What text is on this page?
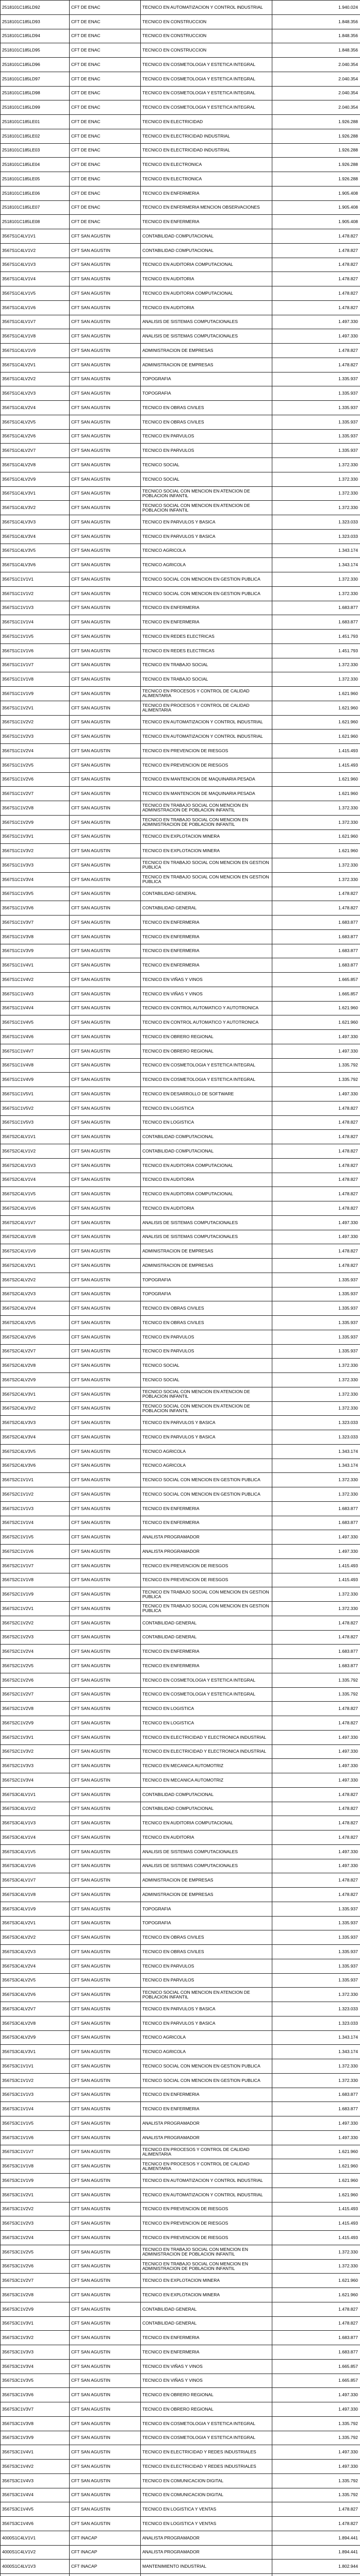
2518101C185LD92	CFT DE ENAC	TECNICO EN AUTOMATIZACION Y CONTROL INDUSTRIAL	1.940.024
2518101C185LD93	CFT DE ENAC	TECNICO EN CONSTRUCCION	1.848.356
2518101C185LD94	CFT DE ENAC	TECNICO EN CONSTRUCCION	1.848.356
2518101C185LD95	CFT DE ENAC	TECNICO EN CONSTRUCCION	1.848.356
2518101C185LD96	CFT DE ENAC	TECNICO EN COSMETOLOGIA Y ESTETICA INTEGRAL	2.040.354
2518101C185LD97	CFT DE ENAC	TECNICO EN COSMETOLOGIA Y ESTETICA INTEGRAL	2.040.354
2518101C185LD98	CFT DE ENAC	TECNICO EN COSMETOLOGIA Y ESTETICA INTEGRAL	2.040.354
2518101C185LD99	CFT DE ENAC	TECNICO EN COSMETOLOGIA Y ESTETICA INTEGRAL	2.040.354
2518101C185LE01	CFT DE ENAC	TECNICO EN ELECTRICIDAD	1.926.288
2518101C185LE02	CFT DE ENAC	TECNICO EN ELECTRICIDAD INDUSTRIAL	1.926.288
2518101C185LE03	CFT DE ENAC	TECNICO EN ELECTRICIDAD INDUSTRIAL	1.926.288
2518101C185LE04	CFT DE ENAC	TECNICO EN ELECTRONICA	1.926.288
2518101C185LE05	CFT DE ENAC	TECNICO EN ELECTRONICA	1.926.288
2518101C185LE06	CFT DE ENAC	TECNICO EN ENFERMERIA	1.905.408
2518101C185LE07	CFT DE ENAC	TECNICO EN ENFERMERIA MENCION OBSERVACIONES	1.905.408
2518101C185LE08	CFT DE ENAC	TECNICO EN ENFERMERIA	1.905.408
3567S1C4LV1V1	CFT SAN AGUSTIN	CONTABILIDAD COMPUTACIONAL	1.478.827
3567S1C4LV1V2	CFT SAN AGUSTIN	CONTABILIDAD COMPUTACIONAL	1.478.827
3567S1C4LV1V3	CFT SAN AGUSTIN	TECNICO EN AUDITORIA COMPUTACIONAL	1.478.827
3567S1C4LV1V4	CFT SAN AGUSTIN	TECNICO EN AUDITORIA	1.478.827
3567S1C4LV1V5	CFT SAN AGUSTIN	TECNICO EN AUDITORIA COMPUTACIONAL	1.478.827
3567S1C4LV1V6	CFT SAN AGUSTIN	TECNICO EN AUDITORIA	1.478.827
3567S1C4LV1V7	CFT SAN AGUSTIN	ANALISIS DE SISTEMAS COMPUTACIONALES	1.497.330
3567S1C4LV1V8	CFT SAN AGUSTIN	ANALISIS DE SISTEMAS COMPUTACIONALES	1.497.330
3567S1C4LV1V9	CFT SAN AGUSTIN	ADMINISTRACION DE EMPRESAS	1.478.827
3567S1C4LV2V1	CFT SAN AGUSTIN	ADMINISTRACION DE EMPRESAS	1.478.827
3567S1C4LV2V2	CFT SAN AGUSTIN	TOPOGRAFIA	1.335.937
3567S1C4LV2V3	CFT SAN AGUSTIN	TOPOGRAFIA	1.335.937
3567S1C4LV2V4	CFT SAN AGUSTIN	TECNICO EN OBRAS CIVILES	1.335.937
3567S1C4LV2V5	CFT SAN AGUSTIN	TECNICO EN OBRAS CIVILES	1.335.937
3567S1C4LV2V6	CFT SAN AGUSTIN	TECNICO EN PARVULOS	1.335.937
3567S1C4LV2V7	CFT SAN AGUSTIN	TECNICO EN PARVULOS	1.335.937
3567S1C4LV2V8	CFT SAN AGUSTIN	TECNICO SOCIAL	1.372.330
3567S1C4LV2V9	CFT SAN AGUSTIN	TECNICO SOCIAL	1.372.330
3567S1C4LV3V1	CFT SAN AGUSTIN	TECNICO SOCIAL CON MENCION EN ATENCION DE POBLACION INFANTIL	1.372.330
3567S1C4LV3V2	CFT SAN AGUSTIN	TECNICO SOCIAL CON MENCION EN ATENCION DE POBLACION INFANTIL	1.372.330
3567S1C4LV3V3	CFT SAN AGUSTIN	TECNICO EN PARVULOS Y BASICA	1.323.033
3567S1C4LV3V4	CFT SAN AGUSTIN	TECNICO EN PARVULOS Y BASICA	1.323.033
3567S1C4LV3V5	CFT SAN AGUSTIN	TECNICO AGRICOLA	1.343.174
3567S1C4LV3V6	CFT SAN AGUSTIN	TECNICO AGRICOLA	1.343.174
3567S1C1V1V1	CFT SAN AGUSTIN	TECNICO SOCIAL CON MENCION EN GESTION PUBLICA	1.372.330
3567S1C1V1V2	CFT SAN AGUSTIN	TECNICO SOCIAL CON MENCION EN GESTION PUBLICA	1.372.330
3567S1C1V1V3	CFT SAN AGUSTIN	TECNICO EN ENFERMERIA	1.683.877
3567S1C1V1V4	CFT SAN AGUSTIN	TECNICO EN ENFERMERIA	1.683.877
3567S1C1V1V5	CFT SAN AGUSTIN	TECNICO EN REDES ELECTRICAS	1.451.793
3567S1C1V1V6	CFT SAN AGUSTIN	TECNICO EN REDES ELECTRICAS	1.451.793
3567S1C1V1V7	CFT SAN AGUSTIN	TECNICO EN TRABAJO SOCIAL	1.372.330
3567S1C1V1V8	CFT SAN AGUSTIN	TECNICO EN TRABAJO SOCIAL	1.372.330
3567S1C1V1V9	CFT SAN AGUSTIN	TECNICO EN PROCESOS Y CONTROL DE CALIDAD ALIMENTARIA	1.621.960
3567S1C1V2V1	CFT SAN AGUSTIN	TECNICO EN PROCESOS Y CONTROL DE CALIDAD ALIMENTARIA	1.621.960
3567S1C1V2V2	CFT SAN AGUSTIN	TECNICO EN AUTOMATIZACION Y CONTROL INDUSTRIAL	1.621.960
3567S1C1V2V3	CFT SAN AGUSTIN	TECNICO EN AUTOMATIZACION Y CONTROL INDUSTRIAL	1.621.960
3567S1C1V2V4	CFT SAN AGUSTIN	TECNICO EN PREVENCION DE RIESGOS	1.415.493
3567S1C1V2V5	CFT SAN AGUSTIN	TECNICO EN PREVENCION DE RIESGOS	1.415.493
3567S1C1V2V6	CFT SAN AGUSTIN	TECNICO EN MANTENCION DE MAQUINARIA PESADA	1.621.960
3567S1C1V2V7	CFT SAN AGUSTIN	TECNICO EN MANTENCION DE MAQUINARIA PESADA	1.621.960
3567S1C1V2V8	CFT SAN AGUSTIN	TECNICO EN TRABAJO SOCIAL CON MENCION EN ADMINISTRACION DE POBLACION INFANTIL	1.372.330
3567S1C1V2V9	CFT SAN AGUSTIN	TECNICO EN TRABAJO SOCIAL CON MENCION EN ADMINISTRACION DE POBLACION INFANTIL	1.372.330
3567S1C1V3V1	CFT SAN AGUSTIN	TECNICO EN EXPLOTACION MINERA	1.621.960
3567S1C1V3V2	CFT SAN AGUSTIN	TECNICO EN EXPLOTACION MINERA	1.621.960
3567S1C1V3V3	CFT SAN AGUSTIN	TECNICO EN TRABAJO SOCIAL CON MENCION EN GESTION PUBLICA	1.372.330
3567S1C1V3V4	CFT SAN AGUSTIN	TECNICO EN TRABAJO SOCIAL CON MENCION EN GESTION PUBLICA	1.372.330
3567S1C1V3V5	CFT SAN AGUSTIN	CONTABILIDAD GENERAL	1.478.827
3567S1C1V3V6	CFT SAN AGUSTIN	CONTABILIDAD GENERAL	1.478.827
3567S1C1V3V7	CFT SAN AGUSTIN	TECNICO EN ENFERMERIA	1.683.877
3567S1C1V3V8	CFT SAN AGUSTIN	TECNICO EN ENFERMERIA	1.683.877
3567S1C1V3V9	CFT SAN AGUSTIN	TECNICO EN ENFERMERIA	1.683.877
3567S1C1V4V1	CFT SAN AGUSTIN	TECNICO EN ENFERMERIA	1.683.877
3567S1C1V4V2	CFT SAN AGUSTIN	TECNICO EN VIÑAS Y VINOS	1.665.857
3567S1C1V4V3	CFT SAN AGUSTIN	TECNICO EN VIÑAS Y VINOS	1.665.857
3567S1C1V4V4	CFT SAN AGUSTIN	TECNICO EN CONTROL AUTOMATICO Y AUTOTRONICA	1.621.960
3567S1C1V4V5	CFT SAN AGUSTIN	TECNICO EN CONTROL AUTOMATICO Y AUTOTRONICA	1.621.960
3567S1C1V4V6	CFT SAN AGUSTIN	TECNICO EN OBRERO REGIONAL	1.497.330
3567S1C1V4V7	CFT SAN AGUSTIN	TECNICO EN OBRERO REGIONAL	1.497.330
3567S1C1V4V8	CFT SAN AGUSTIN	TECNICO EN COSMETOLOGIA Y ESTETICA INTEGRAL	1.335.792
3567S1C1V4V9	CFT SAN AGUSTIN	TECNICO EN COSMETOLOGIA Y ESTETICA INTEGRAL	1.335.792
3567S1C1V5V1	CFT SAN AGUSTIN	TECNICO EN DESARROLLO DE SOFTWARE	1.497.330
3567S1C1V5V2	CFT SAN AGUSTIN	TECNICO EN LOGISTICA	1.478.827
3567S1C1V5V3	CFT SAN AGUSTIN	TECNICO EN LOGISTICA	1.478.827
3567S2C4LV1V1	CFT SAN AGUSTIN	CONTABILIDAD COMPUTACIONAL	1.478.827
3567S2C4LV1V2	CFT SAN AGUSTIN	CONTABILIDAD COMPUTACIONAL	1.478.827
3567S2C4LV1V3	CFT SAN AGUSTIN	TECNICO EN AUDITORIA COMPUTACIONAL	1.478.827
3567S2C4LV1V4	CFT SAN AGUSTIN	TECNICO EN AUDITORIA	1.478.827
3567S2C4LV1V5	CFT SAN AGUSTIN	TECNICO EN AUDITORIA COMPUTACIONAL	1.478.827
3567S2C4LV1V6	CFT SAN AGUSTIN	TECNICO EN AUDITORIA	1.478.827
3567S2C4LV1V7	CFT SAN AGUSTIN	ANALISIS DE SISTEMAS COMPUTACIONALES	1.497.330
3567S2C4LV1V8	CFT SAN AGUSTIN	ANALISIS DE SISTEMAS COMPUTACIONALES	1.497.330
3567S2C4LV1V9	CFT SAN AGUSTIN	ADMINISTRACION DE EMPRESAS	1.478.827
3567S2C4LV2V1	CFT SAN AGUSTIN	ADMINISTRACION DE EMPRESAS	1.478.827
3567S2C4LV2V2	CFT SAN AGUSTIN	TOPOGRAFIA	1.335.937
3567S2C4LV2V3	CFT SAN AGUSTIN	TOPOGRAFIA	1.335.937
3567S2C4LV2V4	CFT SAN AGUSTIN	TECNICO EN OBRAS CIVILES	1.335.937
3567S2C4LV2V5	CFT SAN AGUSTIN	TECNICO EN OBRAS CIVILES	1.335.937
3567S2C4LV2V6	CFT SAN AGUSTIN	TECNICO EN PARVULOS	1.335.937
3567S2C4LV2V7	CFT SAN AGUSTIN	TECNICO EN PARVULOS	1.335.937
3567S2C4LV2V8	CFT SAN AGUSTIN	TECNICO SOCIAL	1.372.330
3567S2C4LV2V9	CFT SAN AGUSTIN	TECNICO SOCIAL	1.372.330
3567S2C4LV3V1	CFT SAN AGUSTIN	TECNICO SOCIAL CON MENCION EN ATENCION DE POBLACION INFANTIL	1.372.330
3567S2C4LV3V2	CFT SAN AGUSTIN	TECNICO SOCIAL CON MENCION EN ATENCION DE POBLACION INFANTIL	1.372.330
3567S2C4LV3V3	CFT SAN AGUSTIN	TECNICO EN PARVULOS Y BASICA	1.323.033
3567S2C4LV3V4	CFT SAN AGUSTIN	TECNICO EN PARVULOS Y BASICA	1.323.033
3567S2C4LV3V5	CFT SAN AGUSTIN	TECNICO AGRICOLA	1.343.174
3567S2C4LV3V6	CFT SAN AGUSTIN	TECNICO AGRICOLA	1.343.174
3567S2C1V1V1	CFT SAN AGUSTIN	TECNICO SOCIAL CON MENCION EN GESTION PUBLICA	1.372.330
3567S2C1V1V2	CFT SAN AGUSTIN	TECNICO SOCIAL CON MENCION EN GESTION PUBLICA	1.372.330
3567S2C1V1V3	CFT SAN AGUSTIN	TECNICO EN ENFERMERIA	1.683.877
3567S2C1V1V4	CFT SAN AGUSTIN	TECNICO EN ENFERMERIA	1.683.877
3567S2C1V1V5	CFT SAN AGUSTIN	ANALISTA PROGRAMADOR	1.497.330
3567S2C1V1V6	CFT SAN AGUSTIN	ANALISTA PROGRAMADOR	1.497.330
3567S2C1V1V7	CFT SAN AGUSTIN	TECNICO EN PREVENCION DE RIESGOS	1.415.493
3567S2C1V1V8	CFT SAN AGUSTIN	TECNICO EN PREVENCION DE RIESGOS	1.415.493
3567S2C1V1V9	CFT SAN AGUSTIN	TECNICO EN TRABAJO SOCIAL CON MENCION EN GESTION PUBLICA	1.372.330
3567S2C1V2V1	CFT SAN AGUSTIN	TECNICO EN TRABAJO SOCIAL CON MENCION EN GESTION PUBLICA	1.372.330
3567S2C1V2V2	CFT SAN AGUSTIN	CONTABILIDAD GENERAL	1.478.827
3567S2C1V2V3	CFT SAN AGUSTIN	CONTABILIDAD GENERAL	1.478.827
3567S2C1V2V4	CFT SAN AGUSTIN	TECNICO EN ENFERMERIA	1.683.877
3567S2C1V2V5	CFT SAN AGUSTIN	TECNICO EN ENFERMERIA	1.683.877
3567S2C1V2V6	CFT SAN AGUSTIN	TECNICO EN COSMETOLOGIA Y ESTETICA INTEGRAL	1.335.792
3567S2C1V2V7	CFT SAN AGUSTIN	TECNICO EN COSMETOLOGIA Y ESTETICA INTEGRAL	1.335.792
3567S2C1V2V8	CFT SAN AGUSTIN	TECNICO EN LOGISTICA	1.478.827
3567S2C1V2V9	CFT SAN AGUSTIN	TECNICO EN LOGISTICA	1.478.827
3567S2C1V3V1	CFT SAN AGUSTIN	TECNICO EN ELECTRICIDAD Y ELECTRONICA INDUSTRIAL	1.497.330
3567S2C1V3V2	CFT SAN AGUSTIN	TECNICO EN ELECTRICIDAD Y ELECTRONICA INDUSTRIAL	1.497.330
3567S2C1V3V3	CFT SAN AGUSTIN	TECNICO EN MECANICA AUTOMOTRIZ	1.497.330
3567S2C1V3V4	CFT SAN AGUSTIN	TECNICO EN MECANICA AUTOMOTRIZ	1.497.330
3567S3C4LV1V1	CFT SAN AGUSTIN	CONTABILIDAD COMPUTACIONAL	1.478.827
3567S3C4LV1V2	CFT SAN AGUSTIN	CONTABILIDAD COMPUTACIONAL	1.478.827
3567S3C4LV1V3	CFT SAN AGUSTIN	TECNICO EN AUDITORIA COMPUTACIONAL	1.478.827
3567S3C4LV1V4	CFT SAN AGUSTIN	TECNICO EN AUDITORIA	1.478.827
3567S3C4LV1V5	CFT SAN AGUSTIN	ANALISIS DE SISTEMAS COMPUTACIONALES	1.497.330
3567S3C4LV1V6	CFT SAN AGUSTIN	ANALISIS DE SISTEMAS COMPUTACIONALES	1.497.330
3567S3C4LV1V7	CFT SAN AGUSTIN	ADMINISTRACION DE EMPRESAS	1.478.827
3567S3C4LV1V8	CFT SAN AGUSTIN	ADMINISTRACION DE EMPRESAS	1.478.827
3567S3C4LV1V9	CFT SAN AGUSTIN	TOPOGRAFIA	1.335.937
3567S3C4LV2V1	CFT SAN AGUSTIN	TOPOGRAFIA	1.335.937
3567S3C4LV2V2	CFT SAN AGUSTIN	TECNICO EN OBRAS CIVILES	1.335.937
3567S3C4LV2V3	CFT SAN AGUSTIN	TECNICO EN OBRAS CIVILES	1.335.937
3567S3C4LV2V4	CFT SAN AGUSTIN	TECNICO EN PARVULOS	1.335.937
3567S3C4LV2V5	CFT SAN AGUSTIN	TECNICO EN PARVULOS	1.335.937
3567S3C4LV2V6	CFT SAN AGUSTIN	TECNICO SOCIAL CON MENCION EN ATENCION DE POBLACION INFANTIL	1.372.330
3567S3C4LV2V7	CFT SAN AGUSTIN	TECNICO EN PARVULOS Y BASICA	1.323.033
3567S3C4LV2V8	CFT SAN AGUSTIN	TECNICO EN PARVULOS Y BASICA	1.323.033
3567S3C4LV2V9	CFT SAN AGUSTIN	TECNICO AGRICOLA	1.343.174
3567S3C4LV3V1	CFT SAN AGUSTIN	TECNICO AGRICOLA	1.343.174
3567S3C1V1V1	CFT SAN AGUSTIN	TECNICO SOCIAL CON MENCION EN GESTION PUBLICA	1.372.330
3567S3C1V1V2	CFT SAN AGUSTIN	TECNICO SOCIAL CON MENCION EN GESTION PUBLICA	1.372.330
3567S3C1V1V3	CFT SAN AGUSTIN	TECNICO EN ENFERMERIA	1.683.877
3567S3C1V1V4	CFT SAN AGUSTIN	TECNICO EN ENFERMERIA	1.683.877
3567S3C1V1V5	CFT SAN AGUSTIN	ANALISTA PROGRAMADOR	1.497.330
3567S3C1V1V6	CFT SAN AGUSTIN	ANALISTA PROGRAMADOR	1.497.330
3567S3C1V1V7	CFT SAN AGUSTIN	TECNICO EN PROCESOS Y CONTROL DE CALIDAD ALIMENTARIA	1.621.960
3567S3C1V1V8	CFT SAN AGUSTIN	TECNICO EN PROCESOS Y CONTROL DE CALIDAD ALIMENTARIA	1.621.960
3567S3C1V1V9	CFT SAN AGUSTIN	TECNICO EN AUTOMATIZACION Y CONTROL INDUSTRIAL	1.621.960
3567S3C1V2V1	CFT SAN AGUSTIN	TECNICO EN AUTOMATIZACION Y CONTROL INDUSTRIAL	1.621.960
3567S3C1V2V2	CFT SAN AGUSTIN	TECNICO EN PREVENCION DE RIESGOS	1.415.493
3567S3C1V2V3	CFT SAN AGUSTIN	TECNICO EN PREVENCION DE RIESGOS	1.415.493
3567S3C1V2V4	CFT SAN AGUSTIN	TECNICO EN PREVENCION DE RIESGOS	1.415.493
3567S3C1V2V5	CFT SAN AGUSTIN	TECNICO EN TRABAJO SOCIAL CON MENCION EN ADMINISTRACION DE POBLACION INFANTIL	1.372.330
3567S3C1V2V6	CFT SAN AGUSTIN	TECNICO EN TRABAJO SOCIAL CON MENCION EN ADMINISTRACION DE POBLACION INFANTIL	1.372.330
3567S3C1V2V7	CFT SAN AGUSTIN	TECNICO EN EXPLOTACION MINERA	1.621.960
3567S3C1V2V8	CFT SAN AGUSTIN	TECNICO EN EXPLOTACION MINERA	1.621.960
3567S3C1V2V9	CFT SAN AGUSTIN	CONTABILIDAD GENERAL	1.478.827
3567S3C1V3V1	CFT SAN AGUSTIN	CONTABILIDAD GENERAL	1.478.827
3567S3C1V3V2	CFT SAN AGUSTIN	TECNICO EN ENFERMERIA	1.683.877
3567S3C1V3V3	CFT SAN AGUSTIN	TECNICO EN ENFERMERIA	1.683.877
3567S3C1V3V4	CFT SAN AGUSTIN	TECNICO EN VIÑAS Y VINOS	1.665.857
3567S3C1V3V5	CFT SAN AGUSTIN	TECNICO EN VIÑAS Y VINOS	1.665.857
3567S3C1V3V6	CFT SAN AGUSTIN	TECNICO EN OBRERO REGIONAL	1.497.330
3567S3C1V3V7	CFT SAN AGUSTIN	TECNICO EN OBRERO REGIONAL	1.497.330
3567S3C1V3V8	CFT SAN AGUSTIN	TECNICO EN COSMETOLOGIA Y ESTETICA INTEGRAL	1.335.792
3567S3C1V3V9	CFT SAN AGUSTIN	TECNICO EN COSMETOLOGIA Y ESTETICA INTEGRAL	1.335.792
3567S3C1V4V1	CFT SAN AGUSTIN	TECNICO EN ELECTRICIDAD Y REDES INDUSTRIALES	1.497.330
3567S3C1V4V2	CFT SAN AGUSTIN	TECNICO EN ELECTRICIDAD Y REDES INDUSTRIALES	1.497.330
3567S3C1V4V3	CFT SAN AGUSTIN	TECNICO EN COMUNICACION DIGITAL	1.335.792
3567S3C1V4V4	CFT SAN AGUSTIN	TECNICO EN COMUNICACION DIGITAL	1.335.792
3567S3C1V4V5	CFT SAN AGUSTIN	TECNICO EN LOGISTICA Y VENTAS	1.478.827
3567S3C1V4V6	CFT SAN AGUSTIN	TECNICO EN LOGISTICA Y VENTAS	1.478.827
4000S1C4LV1V1	CFT INACAP	ANALISTA PROGRAMADOR	1.894.441
4000S1C4LV1V2	CFT INACAP	ANALISTA PROGRAMADOR	1.894.441
4000S1C4LV1V3	CFT INACAP	MANTENIMIENTO INDUSTRIAL	1.802.944
